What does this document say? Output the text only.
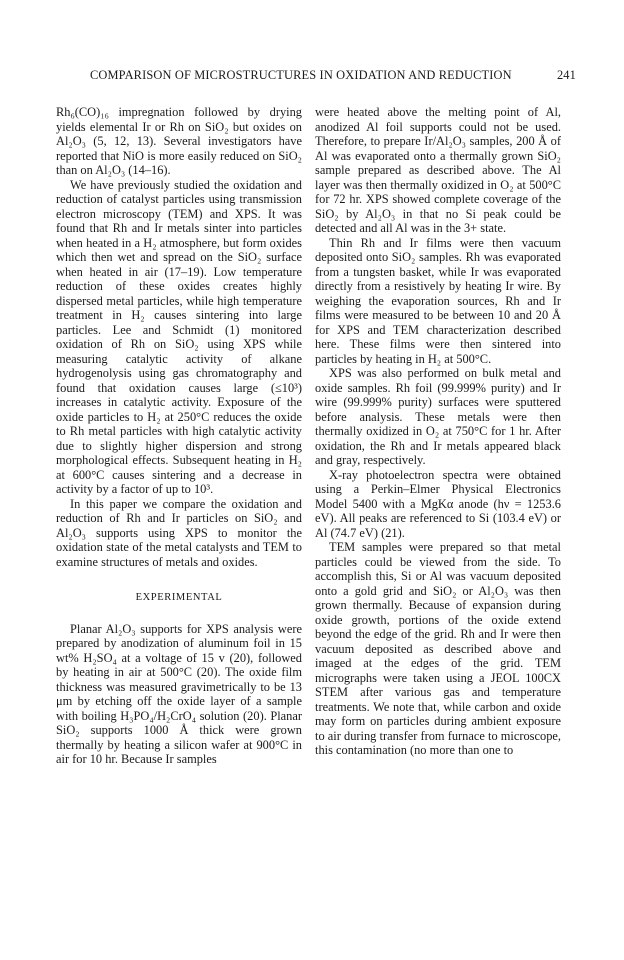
COMPARISON OF MICROSTRUCTURES IN OXIDATION AND REDUCTION	241

Rh₆(CO)₁₆ impregnation followed by drying yields elemental Ir or Rh on SiO₂ but oxides on Al₂O₃ (5, 12, 13). Several investigators have reported that NiO is more easily reduced on SiO₂ than on Al₂O₃ (14–16).

We have previously studied the oxidation and reduction of catalyst particles using transmission electron microscopy (TEM) and XPS. It was found that Rh and Ir metals sinter into particles when heated in a H₂ atmosphere, but form oxides which then wet and spread on the SiO₂ surface when heated in air (17–19). Low temperature reduction of these oxides creates highly dispersed metal particles, while high temperature treatment in H₂ causes sintering into large particles. Lee and Schmidt (1) monitored oxidation of Rh on SiO₂ using XPS while measuring catalytic activity of alkane hydrogenolysis using gas chromatography and found that oxidation causes large (≤10³) increases in catalytic activity. Exposure of the oxide particles to H₂ at 250°C reduces the oxide to Rh metal particles with high catalytic activity due to slightly higher dispersion and strong morphological effects. Subsequent heating in H₂ at 600°C causes sintering and a decrease in activity by a factor of up to 10³.

In this paper we compare the oxidation and reduction of Rh and Ir particles on SiO₂ and Al₂O₃ supports using XPS to monitor the oxidation state of the metal catalysts and TEM to examine structures of metals and oxides.

EXPERIMENTAL

Planar Al₂O₃ supports for XPS analysis were prepared by anodization of aluminum foil in 15 wt% H₂SO₄ at a voltage of 15 v (20), followed by heating in air at 500°C (20). The oxide film thickness was measured gravimetrically to be 13 μm by etching off the oxide layer of a sample with boiling H₃PO₄/H₂CrO₄ solution (20). Planar SiO₂ supports 1000 Å thick were grown thermally by heating a silicon wafer at 900°C in air for 10 hr. Because Ir samples

were heated above the melting point of Al, anodized Al foil supports could not be used. Therefore, to prepare Ir/Al₂O₃ samples, 200 Å of Al was evaporated onto a thermally grown SiO₂ sample prepared as described above. The Al layer was then thermally oxidized in O₂ at 500°C for 72 hr. XPS showed complete coverage of the SiO₂ by Al₂O₃ in that no Si peak could be detected and all Al was in the 3+ state.

Thin Rh and Ir films were then vacuum deposited onto SiO₂ samples. Rh was evaporated from a tungsten basket, while Ir was evaporated directly from a resistively by heating Ir wire. By weighing the evaporation sources, Rh and Ir films were measured to be between 10 and 20 Å for XPS and TEM characterization described here. These films were then sintered into particles by heating in H₂ at 500°C.

XPS was also performed on bulk metal and oxide samples. Rh foil (99.999% purity) and Ir wire (99.999% purity) surfaces were sputtered before analysis. These metals were then thermally oxidized in O₂ at 750°C for 1 hr. After oxidation, the Rh and Ir metals appeared black and gray, respectively.

X-ray photoelectron spectra were obtained using a Perkin–Elmer Physical Electronics Model 5400 with a MgKα anode (hν = 1253.6 eV). All peaks are referenced to Si (103.4 eV) or Al (74.7 eV) (21).

TEM samples were prepared so that metal particles could be viewed from the side. To accomplish this, Si or Al was vacuum deposited onto a gold grid and SiO₂ or Al₂O₃ was then grown thermally. Because of expansion during oxide growth, portions of the oxide extend beyond the edge of the grid. Rh and Ir were then vacuum deposited as described above and imaged at the edges of the grid. TEM micrographs were taken using a JEOL 100CX STEM after various gas and temperature treatments. We note that, while carbon and oxide may form on particles during ambient exposure to air during transfer from furnace to microscope, this contamination (no more than one to
